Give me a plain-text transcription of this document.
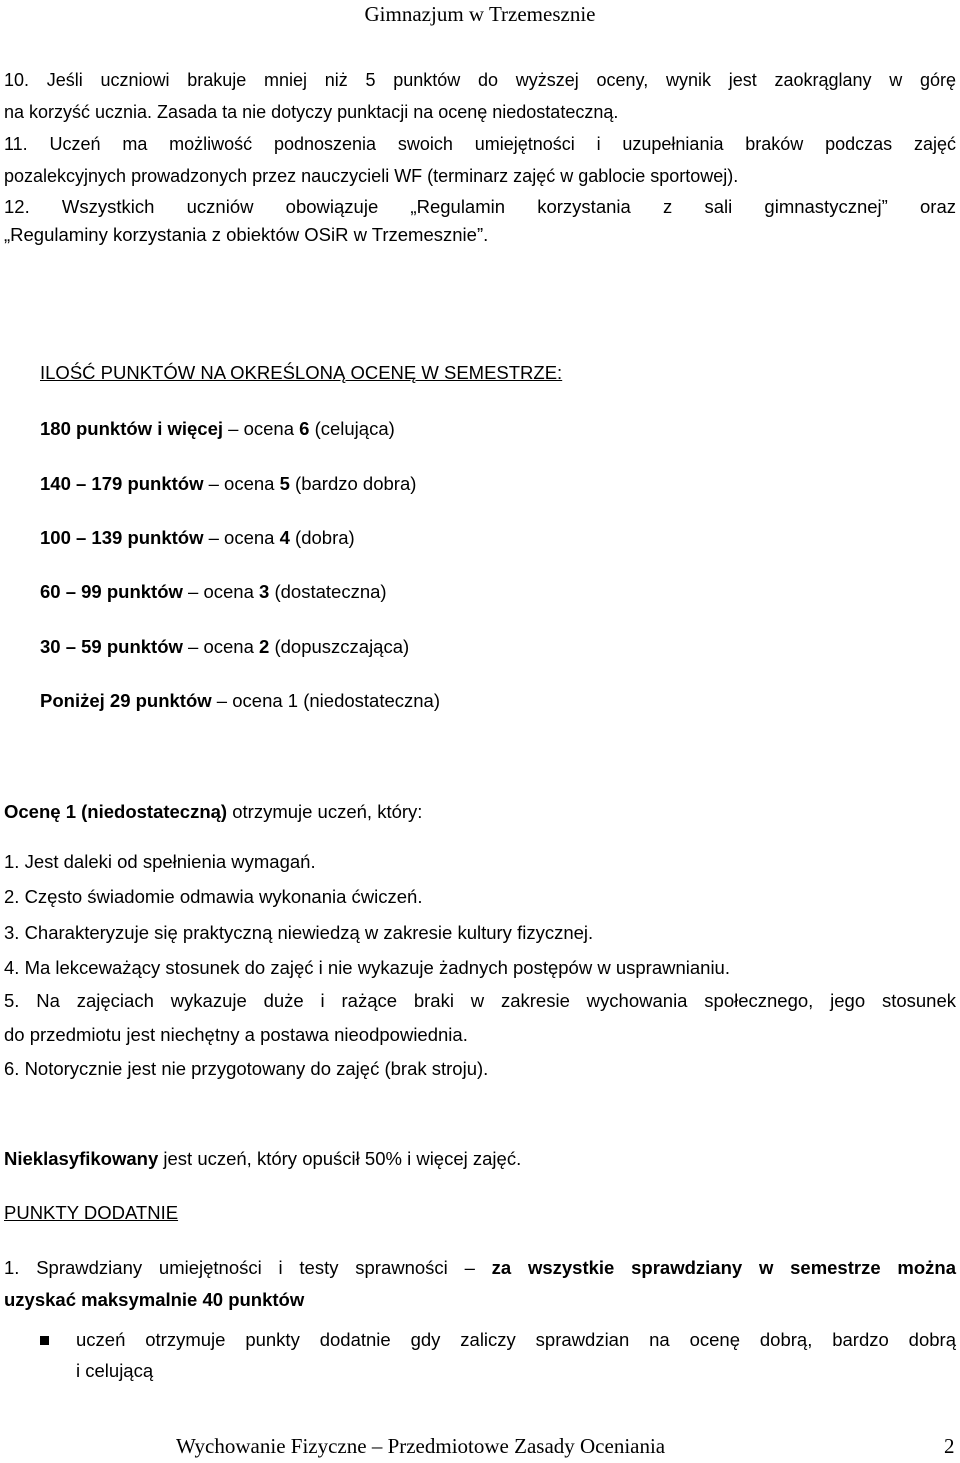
Gimnazjum w Trzemesznie
10. Jeśli uczniowi brakuje mniej niż 5 punktów do wyższej oceny, wynik jest zaokrąglany w górę
na korzyść ucznia. Zasada ta nie dotyczy punktacji na ocenę niedostateczną.
11. Uczeń ma możliwość podnoszenia swoich umiejętności i uzupełniania braków podczas zajęć
pozalekcyjnych prowadzonych przez nauczycieli WF (terminarz zajęć w gablocie sportowej).
12. Wszystkich uczniów obowiązuje „Regulamin korzystania z sali gimnastycznej” oraz
„Regulaminy korzystania z obiektów OSiR w Trzemesznie”.
ILOŚĆ PUNKTÓW NA OKREŚLONĄ OCENĘ W SEMESTRZE:
180 punktów i więcej – ocena 6 (celująca)
140 – 179 punktów – ocena 5 (bardzo dobra)
100 – 139 punktów – ocena 4 (dobra)
60 – 99 punktów – ocena 3 (dostateczna)
30 – 59 punktów – ocena 2 (dopuszczająca)
Poniżej 29 punktów – ocena 1 (niedostateczna)
Ocenę 1 (niedostateczną) otrzymuje uczeń, który:
1. Jest daleki od spełnienia wymagań.
2. Często świadomie odmawia wykonania ćwiczeń.
3. Charakteryzuje się praktyczną niewiedzą w zakresie kultury fizycznej.
4. Ma lekceważący stosunek do zajęć i nie wykazuje żadnych postępów w usprawnianiu.
5. Na zajęciach wykazuje duże i rażące braki w zakresie wychowania społecznego, jego stosunek
do przedmiotu jest niechętny a postawa nieodpowiednia.
6. Notorycznie jest nie przygotowany do zajęć (brak stroju).
Nieklasyfikowany jest uczeń, który opuścił 50% i więcej zajęć.
PUNKTY DODATNIE
1. Sprawdziany umiejętności i testy sprawności – za wszystkie sprawdziany w semestrze można
uzyskać maksymalnie 40 punktów
uczeń otrzymuje punkty dodatnie gdy zaliczy sprawdzian na ocenę dobrą, bardzo dobrą
i celującą
Wychowanie Fizyczne – Przedmiotowe Zasady Oceniania	2
